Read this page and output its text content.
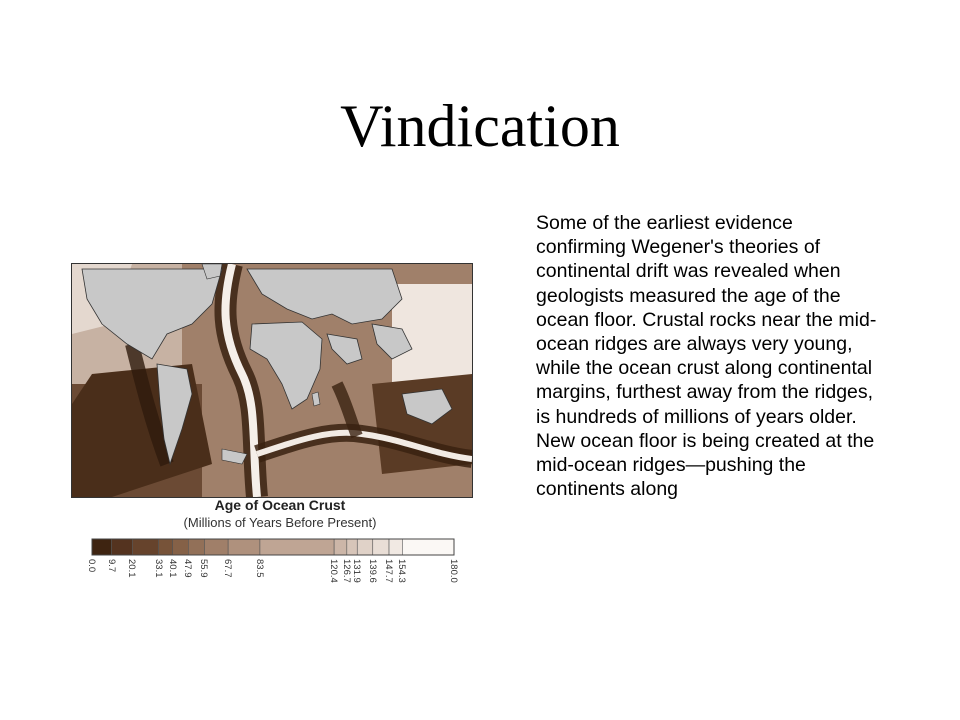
Vindication
Age of Ocean Crust
(Millions of Years Before Present)
0.0 9.7 20.1 33.1 40.1 47.9 55.9 67.7 83.5	120.4 126.7 131.9 139.6 147.7 154.3	180.0
Some of the earliest evidence confirming Wegener's theories of continental drift was revealed when geologists measured the age of the ocean floor. Crustal rocks near the mid-ocean ridges are always very young, while the ocean crust along continental margins, furthest away from the ridges, is hundreds of millions of years older. New ocean floor is being created at the mid-ocean ridges—pushing the continents along
